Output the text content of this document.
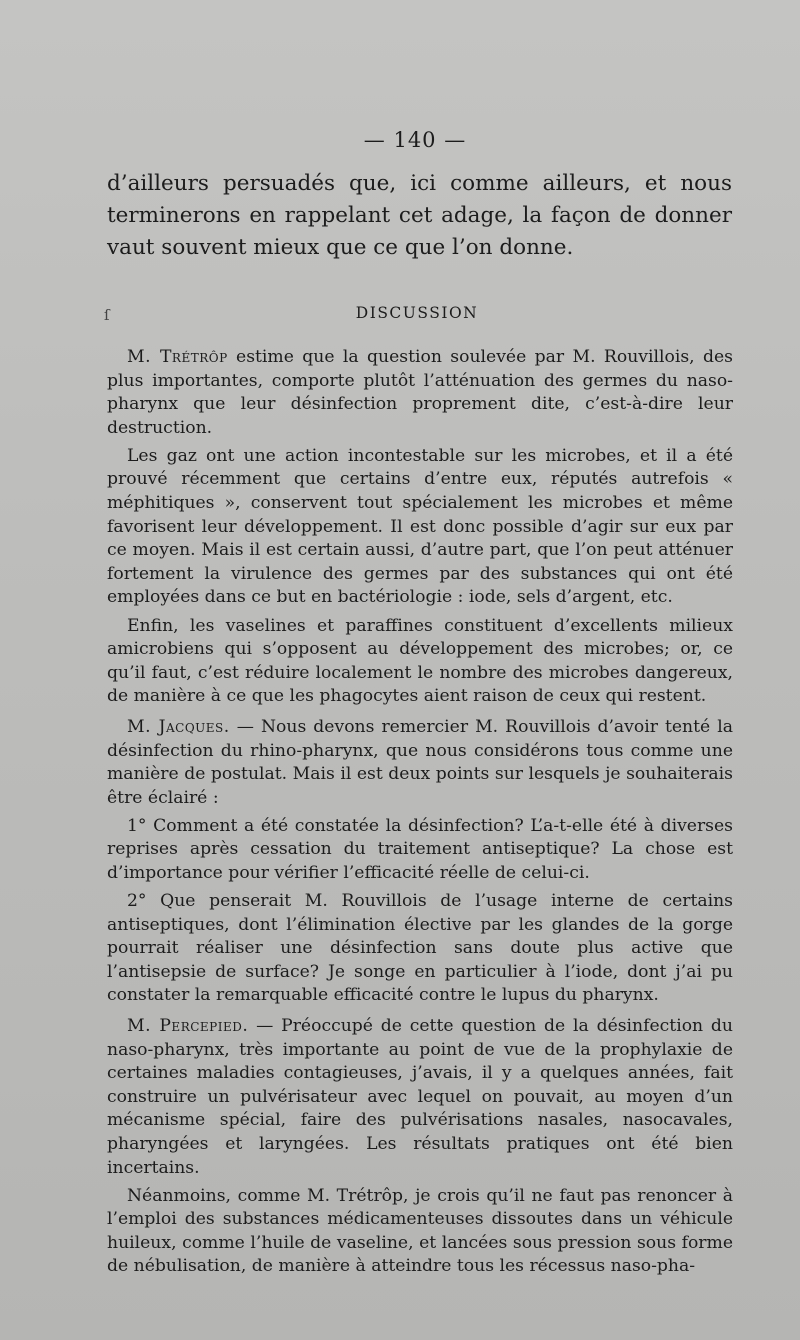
— 140 —
d’ailleurs persuadés que, ici comme ailleurs, et nous terminerons en rappelant cet adage, la façon de donner vaut souvent mieux que ce que l’on donne.
ſ	DISCUSSION

M. Trétrôp estime que la question soulevée par M. Rouvillois, des plus importantes, comporte plutôt l’atténuation des germes du naso-pharynx que leur désinfection proprement dite, c’est-à-dire leur destruction.

Les gaz ont une action incontestable sur les microbes, et il a été prouvé récemment que certains d’entre eux, réputés autrefois « méphitiques », conservent tout spécialement les microbes et même favorisent leur développement. Il est donc possible d’agir sur eux par ce moyen. Mais il est certain aussi, d’autre part, que l’on peut atténuer fortement la virulence des germes par des substances qui ont été employées dans ce but en bactériologie : iode, sels d’argent, etc.

Enfin, les vaselines et paraffines constituent d’excellents milieux amicrobiens qui s’opposent au développement des microbes; or, ce qu’il faut, c’est réduire localement le nombre des microbes dangereux, de manière à ce que les phagocytes aient raison de ceux qui restent.

M. Jacques. — Nous devons remercier M. Rouvillois d’avoir tenté la désinfection du rhino-pharynx, que nous considérons tous comme une manière de postulat. Mais il est deux points sur lesquels je souhaiterais être éclairé :

1° Comment a été constatée la désinfection? L’a-t-elle été à diverses reprises après cessation du traitement antiseptique? La chose est d’importance pour vérifier l’efficacité réelle de celui-ci.

2° Que penserait M. Rouvillois de l’usage interne de certains antiseptiques, dont l’élimination élective par les glandes de la gorge pourrait réaliser une désinfection sans doute plus active que l’antisepsie de surface? Je songe en particulier à l’iode, dont j’ai pu constater la remarquable efficacité contre le lupus du pharynx.

M. Percepied. — Préoccupé de cette question de la désinfection du naso-pharynx, très importante au point de vue de la prophylaxie de certaines maladies contagieuses, j’avais, il y a quelques années, fait construire un pulvérisateur avec lequel on pouvait, au moyen d’un mécanisme spécial, faire des pulvérisations nasales, nasocavales, pharyngées et laryngées. Les résultats pratiques ont été bien incertains.

Néanmoins, comme M. Trétrôp, je crois qu’il ne faut pas renoncer à l’emploi des substances médicamenteuses dissoutes dans un véhicule huileux, comme l’huile de vaseline, et lancées sous pression sous forme de nébulisation, de manière à atteindre tous les récessus naso-pha-
